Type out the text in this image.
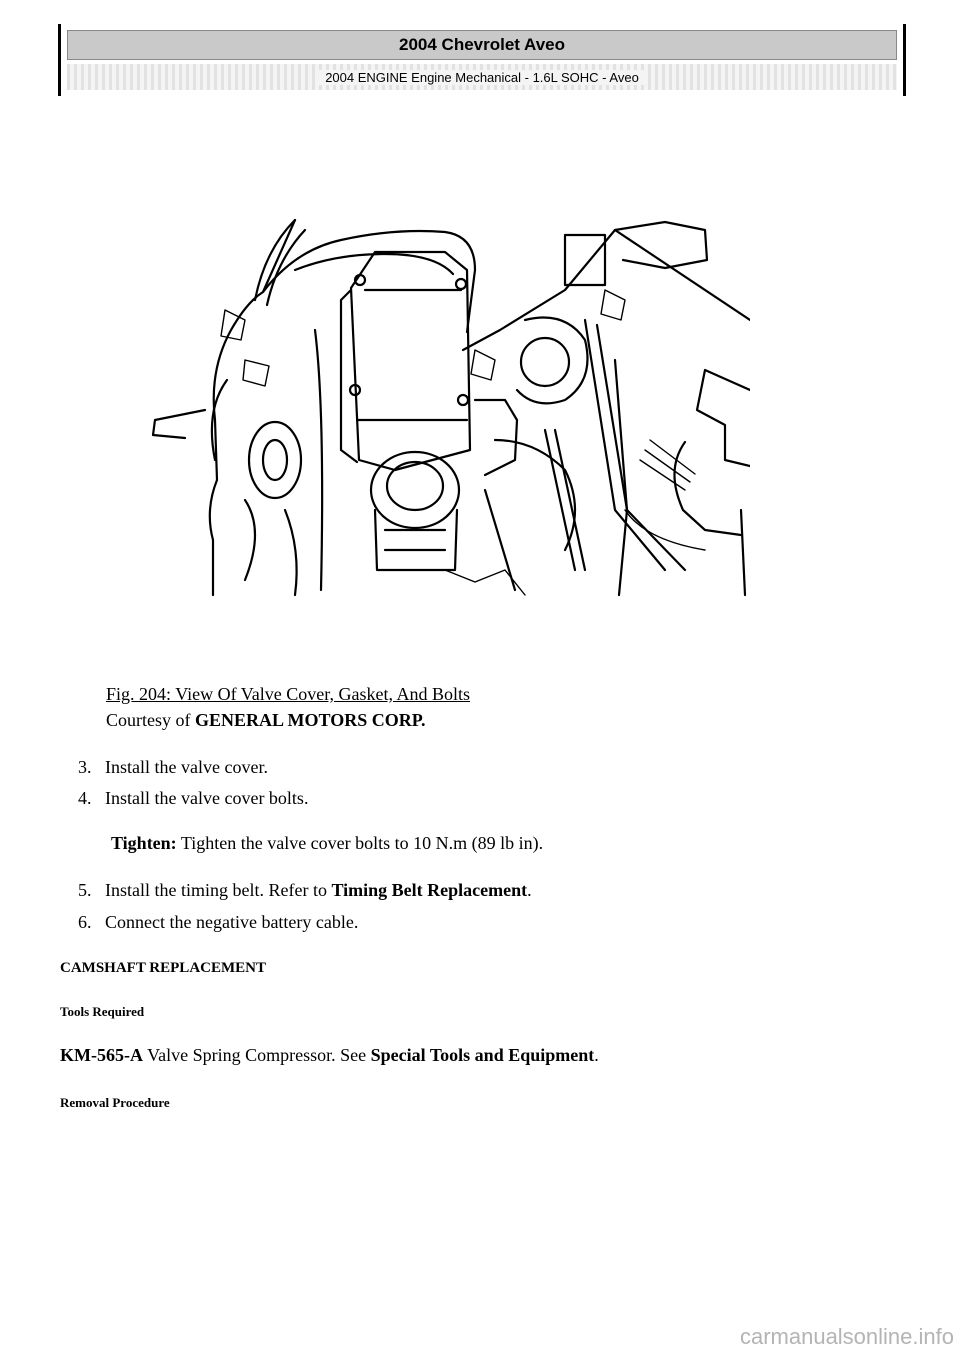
2004 Chevrolet Aveo
2004 ENGINE Engine Mechanical - 1.6L SOHC - Aveo
Fig. 204: View Of Valve Cover, Gasket, And Bolts
Courtesy of GENERAL MOTORS CORP.
3. Install the valve cover.
4. Install the valve cover bolts.
Tighten: Tighten the valve cover bolts to 10 N.m (89 lb in).
5. Install the timing belt. Refer to Timing Belt Replacement.
6. Connect the negative battery cable.
CAMSHAFT REPLACEMENT
Tools Required
KM-565-A Valve Spring Compressor. See Special Tools and Equipment.
Removal Procedure
carmanualsonline.info
